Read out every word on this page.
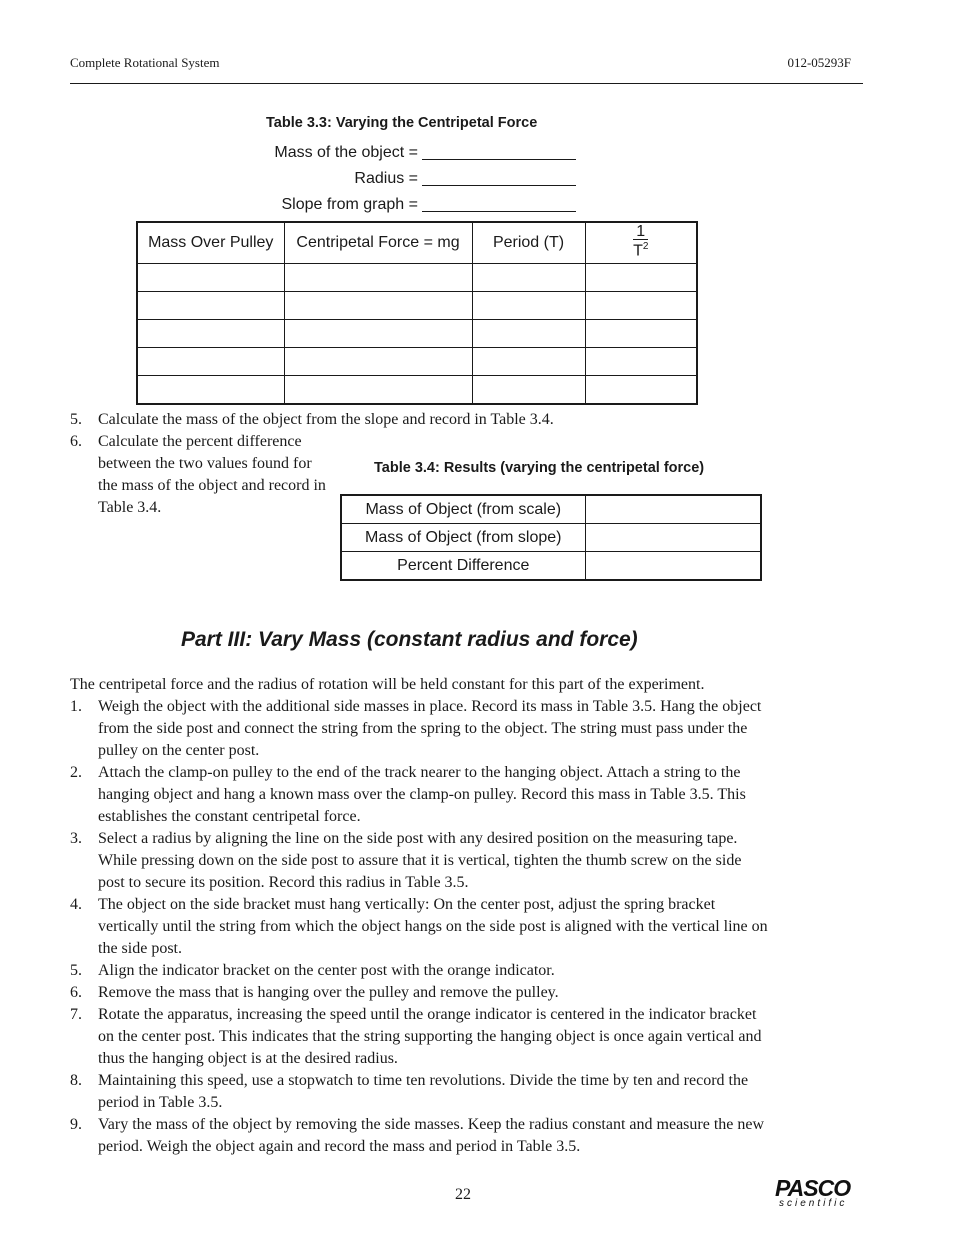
Complete Rotational System	012-05293F
Table 3.3: Varying the Centripetal Force
Mass of the object =
Radius =
Slope from graph =
Mass Over Pulley	Centripetal Force = mg	Period (T)	$\frac{1}{T^2}$

5. Calculate the mass of the object from the slope and record in Table 3.4.
6. Calculate the percent difference between the two values found for the mass of the object and record in Table 3.4.
Table 3.4: Results (varying the centripetal force)
Mass of Object (from scale)	
Mass of Object (from slope)	
Percent Difference	
Part III: Vary Mass (constant radius and force)

The centripetal force and the radius of rotation will be held constant for this part of the experiment.

1. Weigh the object with the additional side masses in place. Record its mass in Table 3.5. Hang the object from the side post and connect the string from the spring to the object. The string must pass under the pulley on the center post.
2. Attach the clamp-on pulley to the end of the track nearer to the hanging object. Attach a string to the hanging object and hang a known mass over the clamp-on pulley. Record this mass in Table 3.5. This establishes the constant centripetal force.
3. Select a radius by aligning the line on the side post with any desired position on the measuring tape. While pressing down on the side post to assure that it is vertical, tighten the thumb screw on the side post to secure its position. Record this radius in Table 3.5.
4. The object on the side bracket must hang vertically: On the center post, adjust the spring bracket vertically until the string from which the object hangs on the side post is aligned with the vertical line on the side post.
5. Align the indicator bracket on the center post with the orange indicator.
6. Remove the mass that is hanging over the pulley and remove the pulley.
7. Rotate the apparatus, increasing the speed until the orange indicator is centered in the indicator bracket on the center post. This indicates that the string supporting the hanging object is once again vertical and thus the hanging object is at the desired radius.
8. Maintaining this speed, use a stopwatch to time ten revolutions. Divide the time by ten and record the period in Table 3.5.
9. Vary the mass of the object by removing the side masses. Keep the radius constant and measure the new period. Weigh the object again and record the mass and period in Table 3.5.
22	PASCO
scientific
